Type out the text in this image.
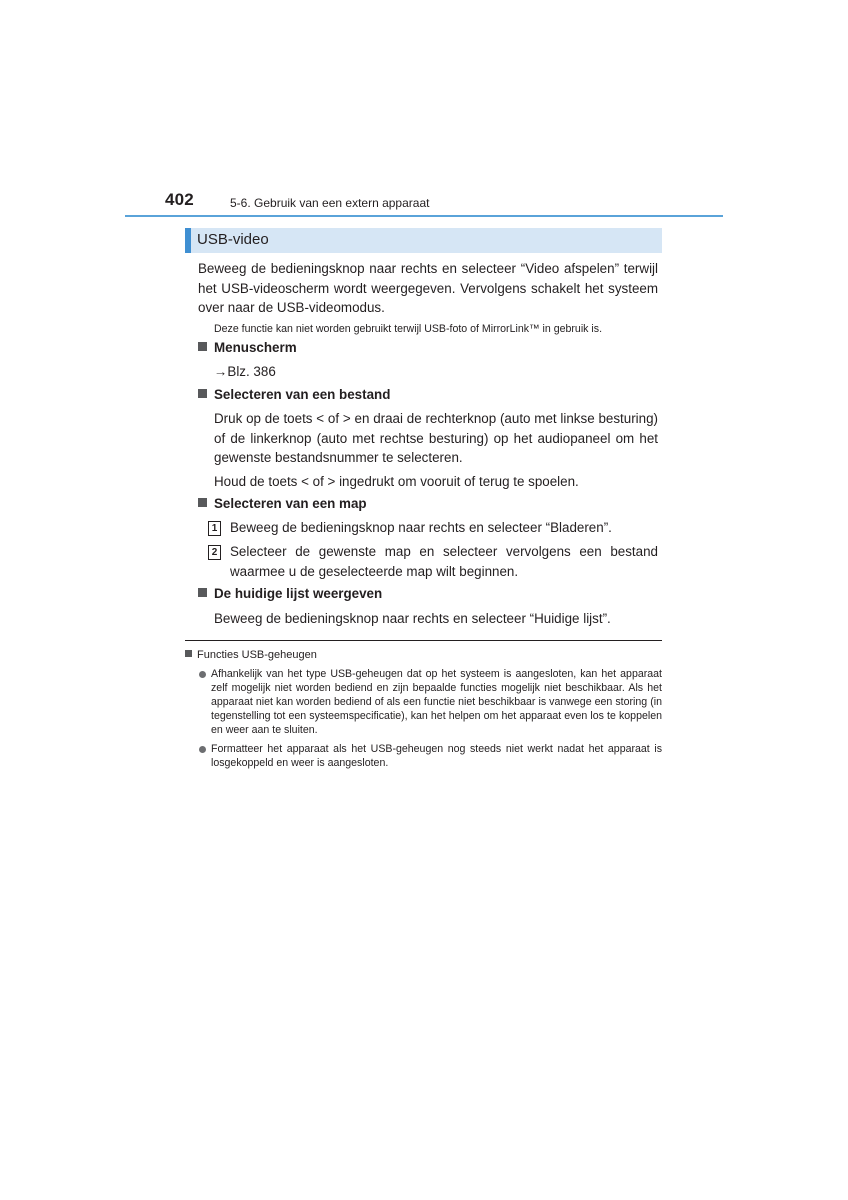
402	5-6. Gebruik van een extern apparaat
USB-video
Beweeg de bedieningsknop naar rechts en selecteer “Video afspelen” terwijl het USB-videoscherm wordt weergegeven. Vervolgens schakelt het systeem over naar de USB-videomodus.
Deze functie kan niet worden gebruikt terwijl USB-foto of MirrorLink™ in gebruik is.
Menuscherm
→Blz. 386
Selecteren van een bestand
Druk op de toets < of > en draai de rechterknop (auto met linkse besturing) of de linkerknop (auto met rechtse besturing) op het audiopaneel om het gewenste bestandsnummer te selecteren.
Houd de toets < of > ingedrukt om vooruit of terug te spoelen.
Selecteren van een map
1 Beweeg de bedieningsknop naar rechts en selecteer “Bladeren”.
2 Selecteer de gewenste map en selecteer vervolgens een bestand waarmee u de geselecteerde map wilt beginnen.
De huidige lijst weergeven
Beweeg de bedieningsknop naar rechts en selecteer “Huidige lijst”.
Functies USB-geheugen
Afhankelijk van het type USB-geheugen dat op het systeem is aangesloten, kan het apparaat zelf mogelijk niet worden bediend en zijn bepaalde functies mogelijk niet beschikbaar. Als het apparaat niet kan worden bediend of als een functie niet beschikbaar is vanwege een storing (in tegenstelling tot een systeemspecificatie), kan het helpen om het apparaat even los te koppelen en weer aan te sluiten.
Formatteer het apparaat als het USB-geheugen nog steeds niet werkt nadat het apparaat is losgekoppeld en weer is aangesloten.
